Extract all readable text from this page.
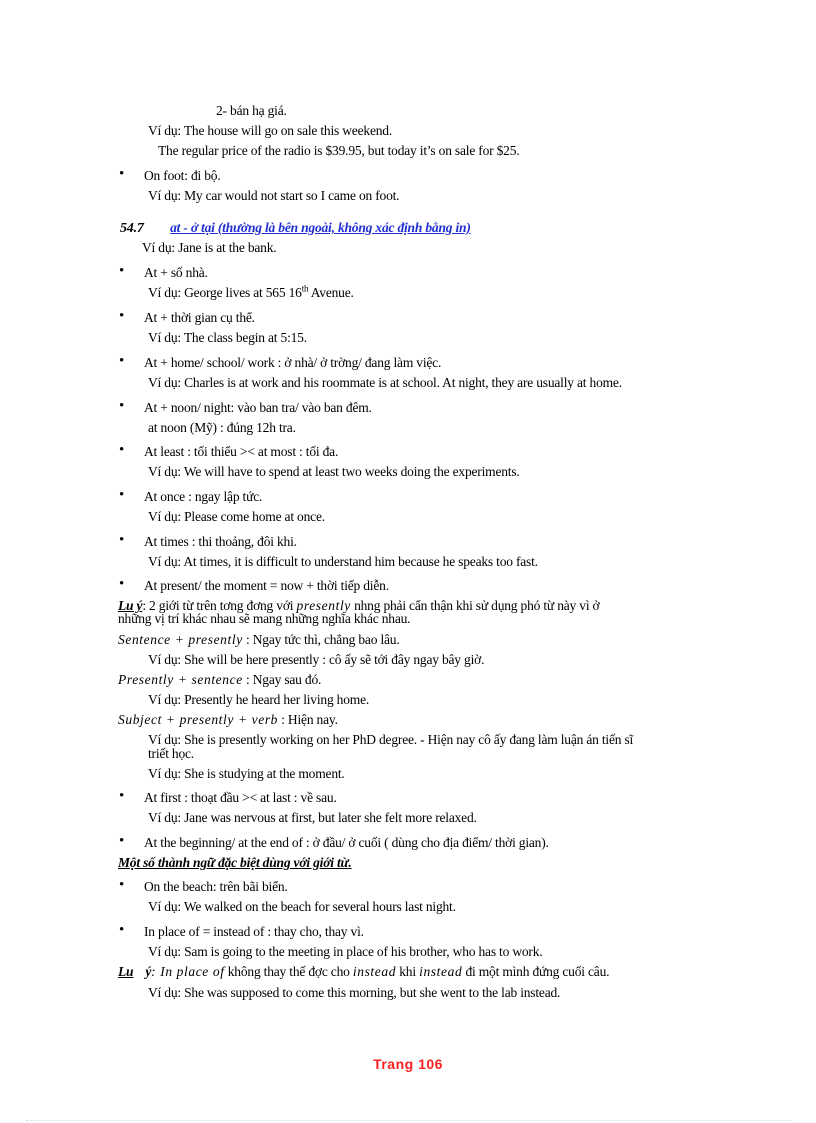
2- bán hạ giá.
Ví dụ: The house will go on sale this weekend.
The regular price of the radio is $39.95, but today it’s on sale for $25.
• On foot: đi bộ.
Ví dụ: My car would not start so I came on foot.
54.7 at - ở tại (thường là bên ngoài, không xác định bằng in)
Ví dụ: Jane is at the bank.
• At + số nhà.
Ví dụ: George lives at 565 16th Avenue.
• At + thời gian cụ thể.
Ví dụ: The class begin at 5:15.
• At + home/ school/ work : ở nhà/ ở trờng/ đang làm việc.
Ví dụ: Charles is at work and his roommate is at school. At night, they are usually at home.
• At + noon/ night: vào ban tra/ vào ban đêm.
at noon (Mỹ) : đúng 12h tra.
• At least : tối thiểu >< at most : tối đa.
Ví dụ: We will have to spend at least two weeks doing the experiments.
• At once : ngay lập tức.
Ví dụ: Please come home at once.
• At times : thi thoảng, đôi khi.
Ví dụ: At times, it is difficult to understand him because he speaks too fast.
• At present/ the moment = now + thời tiếp diễn.
Lu ý: 2 giới từ trên tơng đơng với presently nhng phải cẩn thận khi sử dụng phó từ này vì ở
những vị trí khác nhau sẽ mang những nghĩa khác nhau.
Sentence + presently : Ngay tức thì, chẳng bao lâu.
Ví dụ: She will be here presently : cô ấy sẽ tới đây ngay bây giờ.
Presently + sentence : Ngay sau đó.
Ví dụ: Presently he heard her living home.
Subject + presently + verb : Hiện nay.
Ví dụ: She is presently working on her PhD degree. - Hiện nay cô ấy đang làm luận án tiến sĩ
triết học.
Ví dụ: She is studying at the moment.
• At first : thoạt đầu >< at last : về sau.
Ví dụ: Jane was nervous at first, but later she felt more relaxed.
• At the beginning/ at the end of : ở đầu/ ở cuối ( dùng cho địa điểm/ thời gian).
Một số thành ngữ đặc biệt dùng với giới từ.
• On the beach: trên bãi biển.
Ví dụ: We walked on the beach for several hours last night.
• In place of = instead of : thay cho, thay vì.
Ví dụ: Sam is going to the meeting in place of his brother, who has to work.
Lu ý: In place of không thay thế đợc cho instead khi instead đi một mình đứng cuối câu.
Ví dụ: She was supposed to come this morning, but she went to the lab instead.
Trang 106
